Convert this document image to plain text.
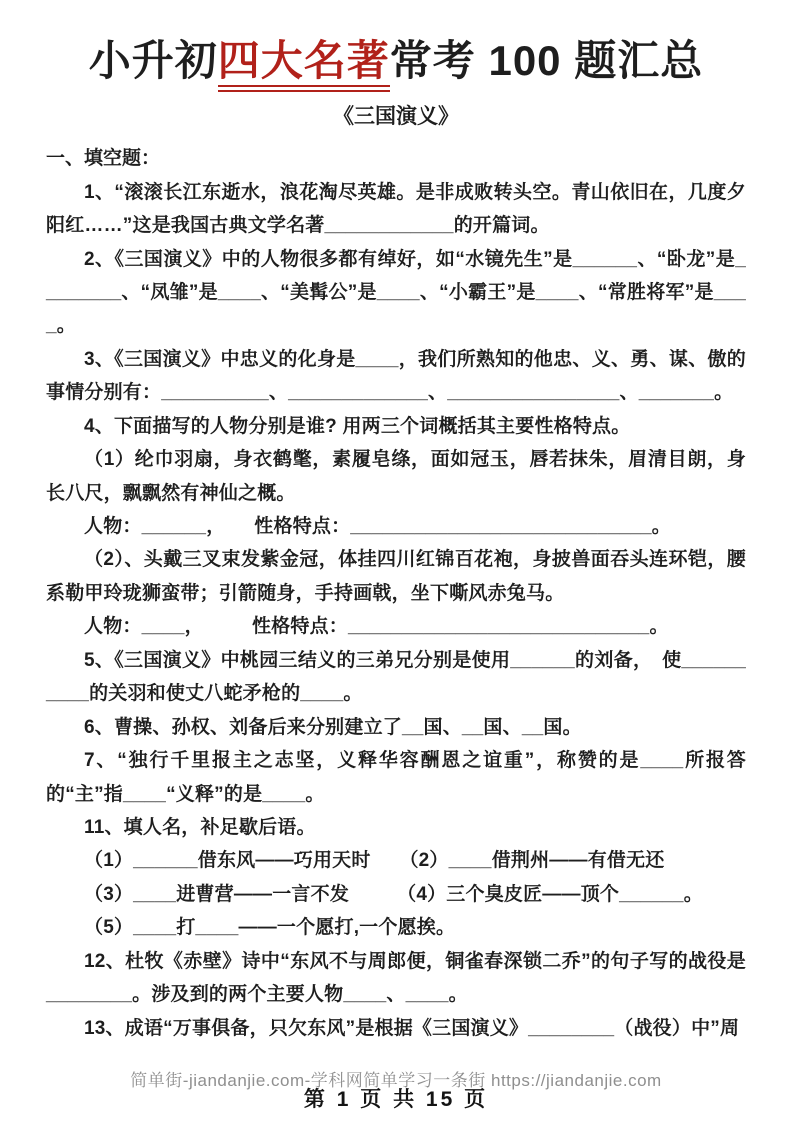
小升初四大名著常考 100 题汇总
《三国演义》

一、填空题：

1、“滚滚长江东逝水，浪花淘尽英雄。是非成败转头空。青山依旧在，几度夕阳红……”这是我国古典文学名著____________的开篇词。

2、《三国演义》中的人物很多都有绰好，如“水镜先生”是______、“卧龙”是________、“凤雏”是____、“美髯公”是____、“小霸王”是____、“常胜将军”是____。

3、《三国演义》中忠义的化身是____，我们所熟知的他忠、义、勇、谋、傲的事情分别有：__________、_____________、________________、_______。

4、下面描写的人物分别是谁? 用两三个词概括其主要性格特点。

（1）纶巾羽扇，身衣鹤氅，素履皂绦，面如冠玉，唇若抹朱，眉清目朗，身长八尺，飘飘然有神仙之概。

人物：______，　　性格特点：____________________________。

（2）、头戴三叉束发紫金冠，体挂四川红锦百花袍，身披兽面吞头连环铠，腰系勒甲玲珑狮蛮带；引箭随身，手持画戟，坐下嘶风赤兔马。

人物：____，　　　性格特点：____________________________。

5、《三国演义》中桃园三结义的三弟兄分别是使用______的刘备，　使__________的关羽和使丈八蛇矛枪的____。

6、曹操、孙权、刘备后来分别建立了__国、__国、__国。

7、“独行千里报主之志坚，义释华容酬恩之谊重”，称赞的是____所报答的“主”指____“义释”的是____。

11、填人名，补足歇后语。

（1）______借东风——巧用天时　　（2）____借荆州——有借无还

（3）____进曹营——一言不发　　　（4）三个臭皮匠——顶个______。

（5）____打____——一个愿打,一个愿挨。

12、杜牧《赤壁》诗中“东风不与周郎便，铜雀春深锁二乔”的句子写的战役是________。涉及到的两个主要人物____、____。

13、成语“万事俱备，只欠东风”是根据《三国演义》________（战役）中”周

简单街-jiandanjie.com-学科网简单学习一条街 https://jiandanjie.com
第 1 页 共 15 页
